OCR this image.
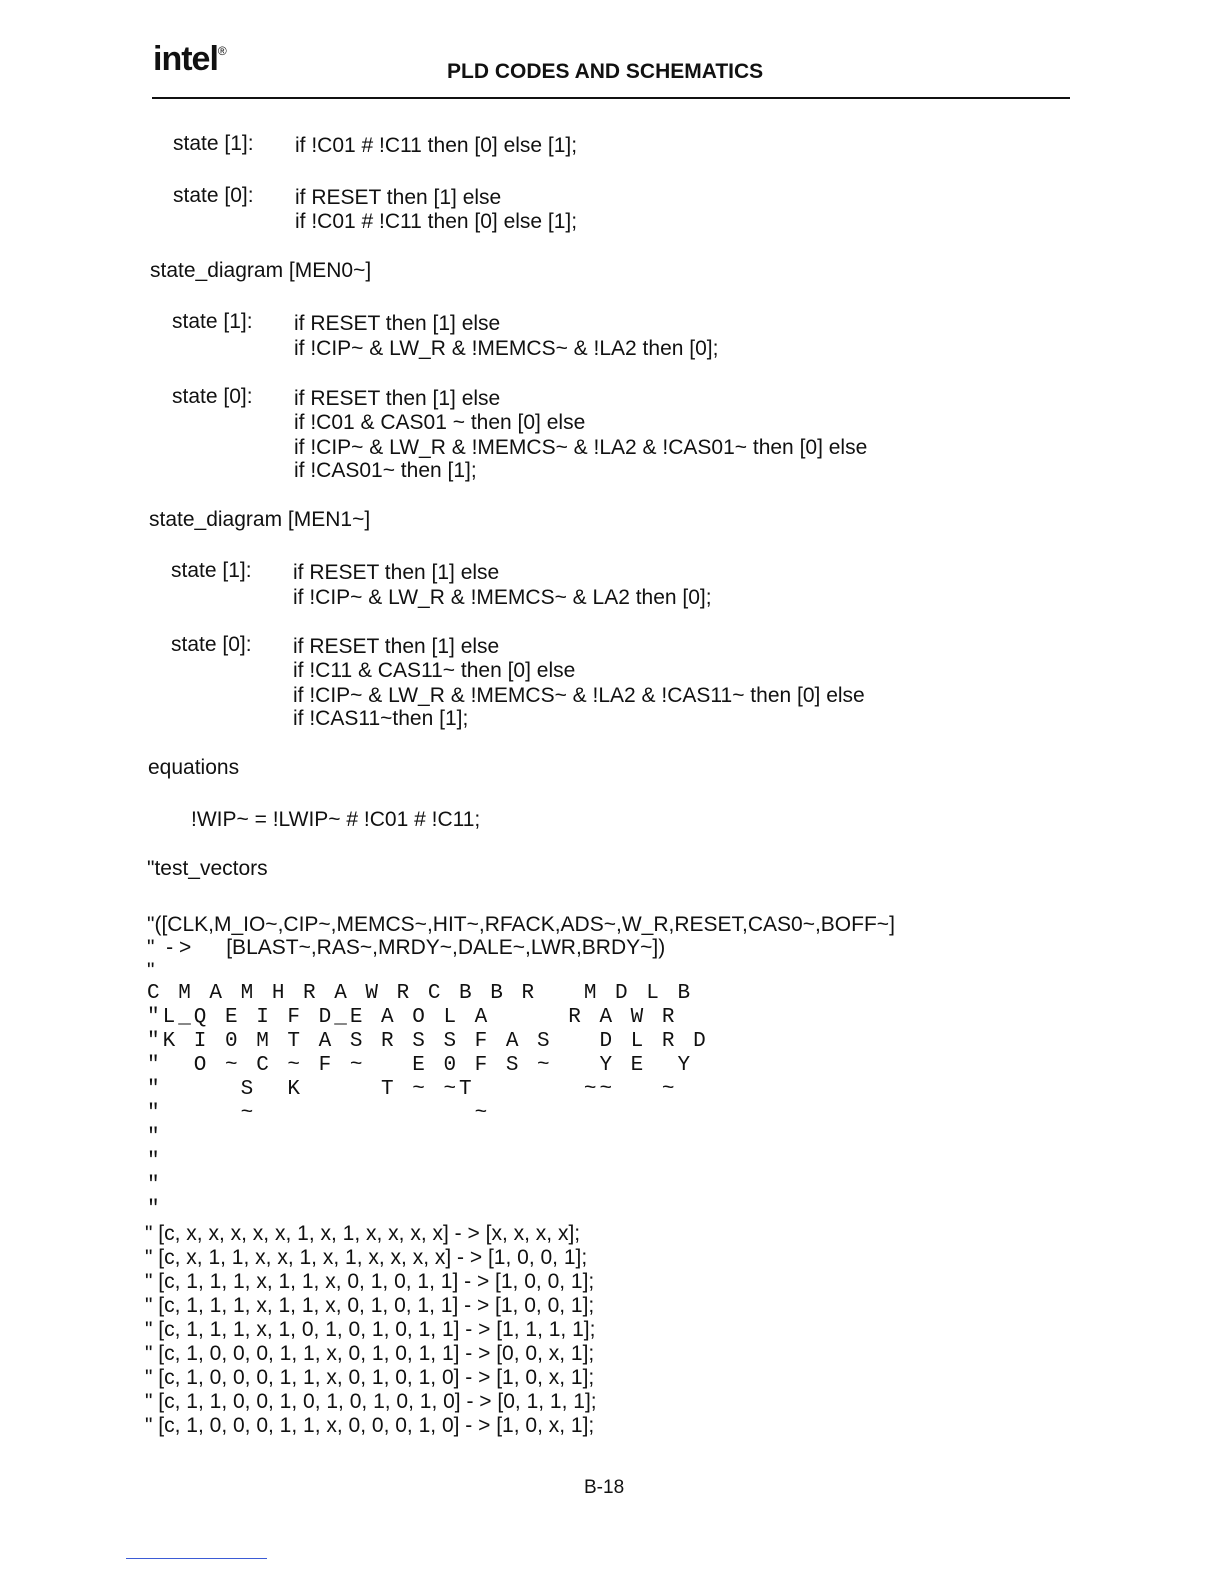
intel®
PLD CODES AND SCHEMATICS
state [1]: if !C01 # !C11 then [0] else [1];
state [0]: if RESET then [1] else
if !C01 # !C11 then [0] else [1];
state_diagram [MEN0~]
state [1]: if RESET then [1] else
if !CIP~ & LW_R & !MEMCS~ & !LA2 then [0];
state [0]: if RESET then [1] else
if !C01 & CAS01 ~ then [0] else
if !CIP~ & LW_R & !MEMCS~ & !LA2 & !CAS01~ then [0] else
if !CAS01~ then [1];
state_diagram [MEN1~]
state [1]: if RESET then [1] else
if !CIP~ & LW_R & !MEMCS~ & LA2 then [0];
state [0]: if RESET then [1] else
if !C11 & CAS11~ then [0] else
if !CIP~ & LW_R & !MEMCS~ & !LA2 & !CAS11~ then [0] else
if !CAS11~then [1];
equations
!WIP~ = !LWIP~ # !C01 # !C11;
"test_vectors
"([CLK,M_IO~,CIP~,MEMCS~,HIT~,RFACK,ADS~,W_R,RESET,CAS0~,BOFF~]
"  - >      [BLAST~,RAS~,MRDY~,DALE~,LWR,BRDY~])
"
C M A M H R A W R C B B R   M D L B
"L_Q E I F D_E A O L A     R A W R
"K I 0 M T A S R S S F A S   D L R D
"  O ~ C ~ F ~   E 0 F S ~   Y E  Y
"     S  K     T ~ ~T       ~~   ~
"     ~              ~
"
"
"
"
" [c, x, x, x, x, x, 1, x, 1, x, x, x, x] - > [x, x, x, x];
" [c, x, 1, 1, x, x, 1, x, 1, x, x, x, x] - > [1, 0, 0, 1];
" [c, 1, 1, 1, x, 1, 1, x, 0, 1, 0, 1, 1] - > [1, 0, 0, 1];
" [c, 1, 1, 1, x, 1, 1, x, 0, 1, 0, 1, 1] - > [1, 0, 0, 1];
" [c, 1, 1, 1, x, 1, 0, 1, 0, 1, 0, 1, 1] - > [1, 1, 1, 1];
" [c, 1, 0, 0, 0, 1, 1, x, 0, 1, 0, 1, 1] - > [0, 0, x, 1];
" [c, 1, 0, 0, 0, 1, 1, x, 0, 1, 0, 1, 0] - > [1, 0, x, 1];
" [c, 1, 1, 0, 0, 1, 0, 1, 0, 1, 0, 1, 0] - > [0, 1, 1, 1];
" [c, 1, 0, 0, 0, 1, 1, x, 0, 0, 0, 1, 0] - > [1, 0, x, 1];
B-18
